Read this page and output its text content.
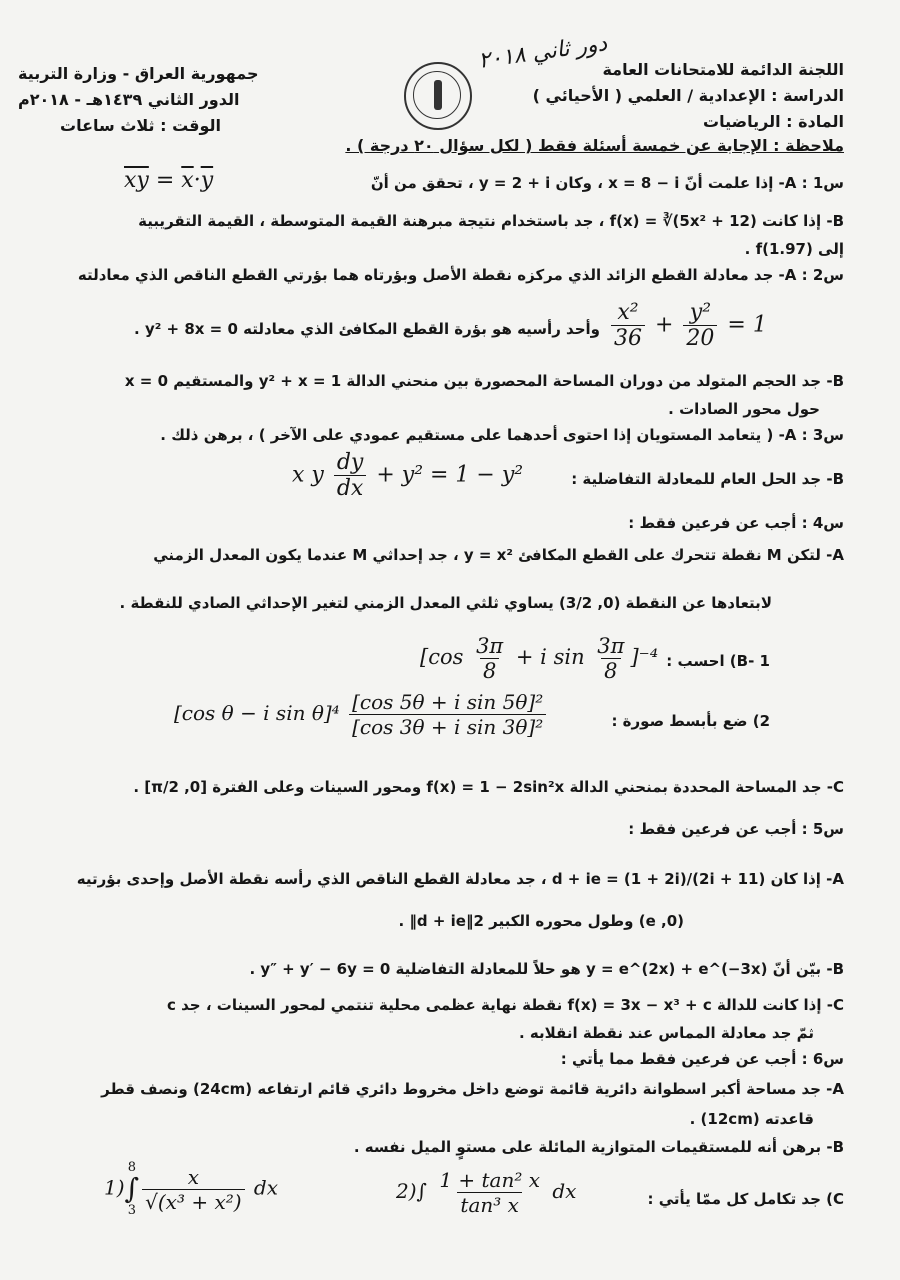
اللجنة الدائمة للامتحانات العامة
الدراسة : الإعدادية / العلمي ( الأحيائي )
المادة : الرياضيات
جمهورية العراق - وزارة التربية
الدور الثاني ١٤٣٩هـ - ٢٠١٨م
الوقت : ثلاث ساعات
دور ثاني ٢٠١٨
ملاحظة : الإجابة عن خمسة أسئلة فقط ( لكل سؤال ٢٠ درجة ) .
س1 : A- إذا علمت أنّ x = 8 − i ، وكان y = 2 + i ، تحقق من أنّ
$\overline{xy} = \overline{x}\cdot\overline{y}$
B- إذا كانت f(x) = ∛(5x² + 12) ، جد باستخدام نتيجة مبرهنة القيمة المتوسطة ، القيمة التقريبية
إلى f(1.97) .
س2 : A- جد معادلة القطع الزائد الذي مركزه نقطة الأصل وبؤرتاه هما بؤرتي القطع الناقص الذي معادلته
$\frac{\text{x²}}{36} + \frac{\text{y²}}{20} = 1$
وأحد رأسيه هو بؤرة القطع المكافئ الذي معادلته y² + 8x = 0 .
B- جد الحجم المتولد من دوران المساحة المحصورة بين منحني الدالة y² + x = 1 والمستقيم x = 0
حول محور الصادات .
س3 : A- ( يتعامد المستويان إذا احتوى أحدهما على مستقيم عمودي على الآخر ) ، برهن ذلك .
B- جد الحل العام للمعادلة التفاضلية :
x y $\frac{dy}{dx} + y^2 = 1 - y^2$
س4 : أجب عن فرعين فقط :
A- لتكن M نقطة تتحرك على القطع المكافئ y = x² ، جد إحداثي M عندما يكون المعدل الزمني
لابتعادها عن النقطة (0, 3/2) يساوي ثلثي المعدل الزمني لتغير الإحداثي الصادي للنقطة .
B- 1) احسب :
[$\cos \frac{3\pi}{8} + i$ $\sin \frac{3\pi}{8} ]^{-4}$
2) ضع بأبسط صورة :
[cos θ − i $\sin \theta]^4 \frac{\text{[cos 5θ + i sin 5θ]²}}{\text{[cos 3θ + i sin 3θ]²}}$
C- جد المساحة المحددة بمنحني الدالة f(x) = 1 − 2sin²x ومحور السينات وعلى الفترة [0, π/2] .
س5 : أجب عن فرعين فقط :
A- إذا كان (11 + 2i)/(1 + 2i) = d + ie ، جد معادلة القطع الناقص الذي رأسه نقطة الأصل وإحدى بؤرتيه
(0, e) وطول محوره الكبير 2‖d + ie‖ .
B- بيّن أنّ y = e^(2x) + e^(−3x) هو حلاً للمعادلة التفاضلية y″ + y′ − 6y = 0 .
C- إذا كانت للدالة f(x) = 3x − x³ + c نقطة نهاية عظمى محلية تنتمي لمحور السينات ، جد c
ثمّ جد معادلة المماس عند نقطة انقلابه .
س6 : أجب عن فرعين فقط مما يأتي :
A- جد مساحة أكبر اسطوانة دائرية قائمة توضع داخل مخروط دائري قائم ارتفاعه (24cm) ونصف قطر
قاعدته (12cm) .
B- برهن أنه للمستقيمات المتوازية المائلة على مستوٍ الميل نفسه .
C) جد تكامل كل ممّا يأتي :
$2)\int \frac{\text{1 + tan² x}}{\text{tan³ x}}$ dx
1)
8
∫
$3 \frac{x}{\text{√(x³ + x²)}}$ dx
